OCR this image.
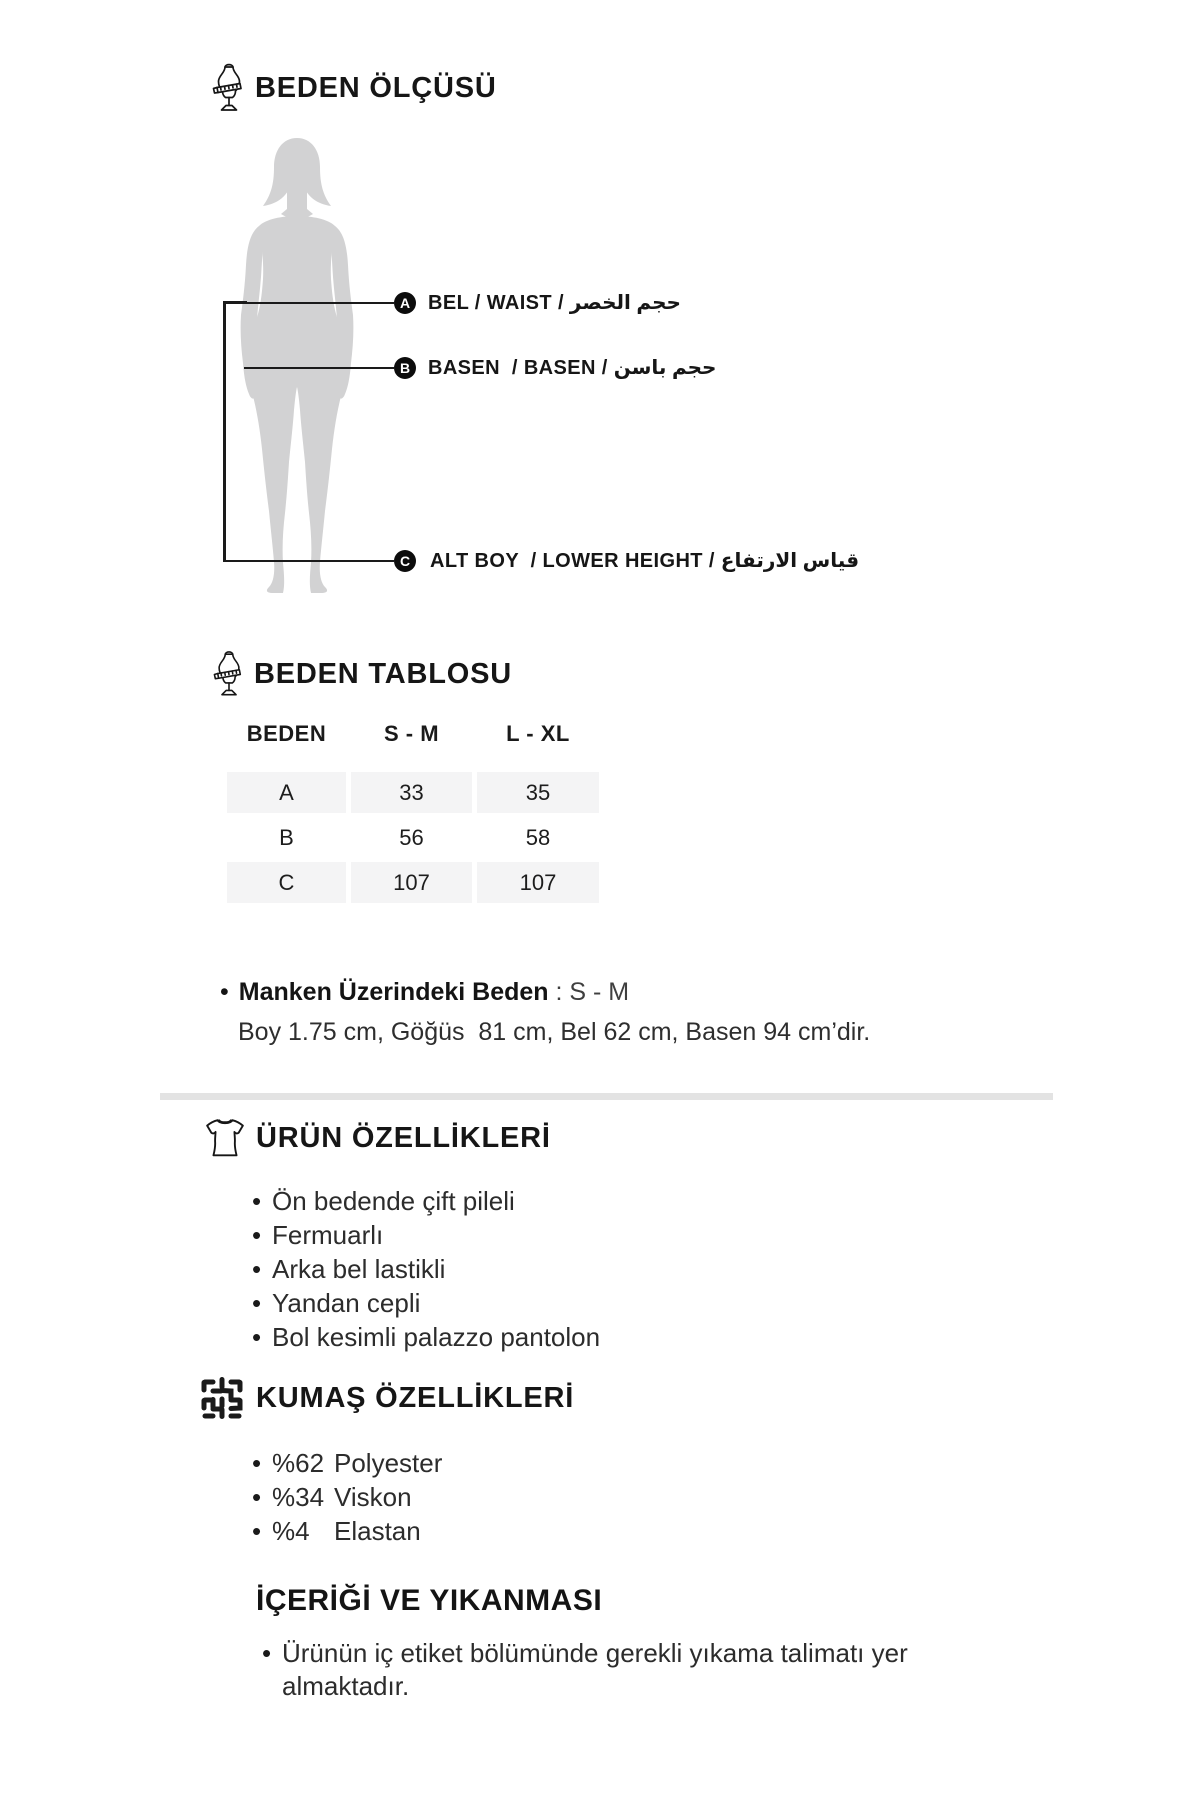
BEDEN ÖLÇÜSÜ
A
B
C
BEL / WAIST / حجم الخصر
BASEN  / BASEN / حجم باسن
ALT BOY  / LOWER HEIGHT / قياس الارتفاع
BEDEN TABLOSU
BEDEN	S - M	L - XL
A	33	35
B	56	58
C	107	107
• Manken Üzerindeki Beden : S - M
Boy 1.75 cm, Göğüs  81 cm, Bel 62 cm, Basen 94 cm’dir.
ÜRÜN ÖZELLİKLERİ
• Ön bedende çift pileli
• Fermuarlı
• Arka bel lastikli
• Yandan cepli
• Bol kesimli palazzo pantolon
KUMAŞ ÖZELLİKLERİ
• %62 Polyester
• %34 Viskon
• %4 Elastan
İÇERİĞİ VE YIKANMASI
• Ürünün iç etiket bölümünde gerekli yıkama talimatı yer almaktadır.
